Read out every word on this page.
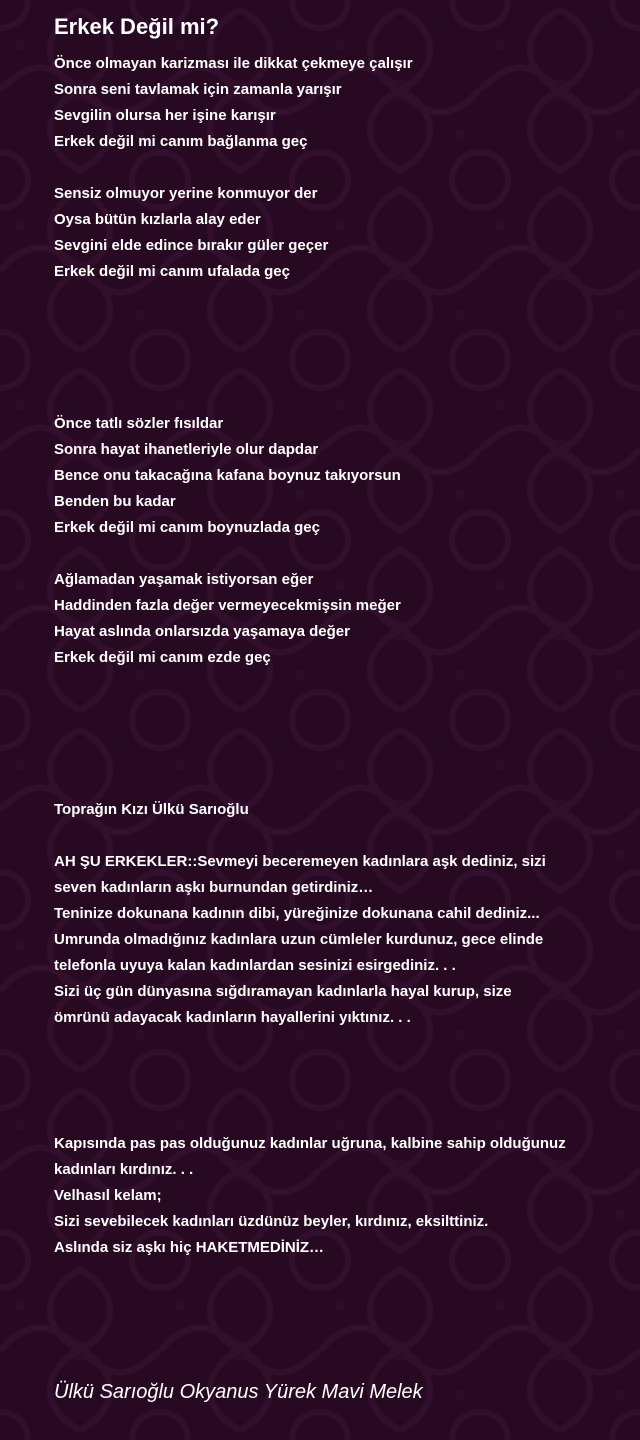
Erkek Değil mi?
Önce olmayan karizması ile dikkat çekmeye çalışır
Sonra seni tavlamak için zamanla yarışır
Sevgilin olursa her işine karışır
Erkek değil mi canım bağlanma geç
Sensiz olmuyor yerine konmuyor der
Oysa bütün kızlarla alay eder
Sevgini elde edince bırakır güler geçer
Erkek değil mi canım ufalada geç
Önce tatlı sözler fısıldar
Sonra hayat ihanetleriyle olur dapdar
Bence onu takacağına kafana boynuz takıyorsun
Benden bu kadar
Erkek değil mi canım boynuzlada geç
Ağlamadan yaşamak istiyorsan eğer
Haddinden fazla değer vermeyecekmişsin meğer
Hayat aslında onlarsızda yaşamaya değer
Erkek değil mi canım ezde geç
Toprağın Kızı Ülkü Sarıoğlu
AH ŞU ERKEKLER::Sevmeyi beceremeyen kadınlara aşk dediniz, sizi
seven kadınların aşkı burnundan getirdiniz…
Teninize dokunana kadının dibi, yüreğinize dokunana cahil dediniz...
Umrunda olmadığınız kadınlara uzun cümleler kurdunuz, gece elinde
telefonla uyuya kalan kadınlardan sesinizi esirgediniz. . .
Sizi üç gün dünyasına sığdıramayan kadınlarla hayal kurup, size
ömrünü adayacak kadınların hayallerini yıktınız. . .
Kapısında pas pas olduğunuz kadınlar uğruna, kalbine sahip olduğunuz
kadınları kırdınız. . .
Velhasıl kelam;
Sizi sevebilecek kadınları üzdünüz beyler, kırdınız, eksilttiniz.
Aslında siz aşkı hiç HAKETMEDİNİZ…
Ülkü Sarıoğlu Okyanus Yürek Mavi Melek
